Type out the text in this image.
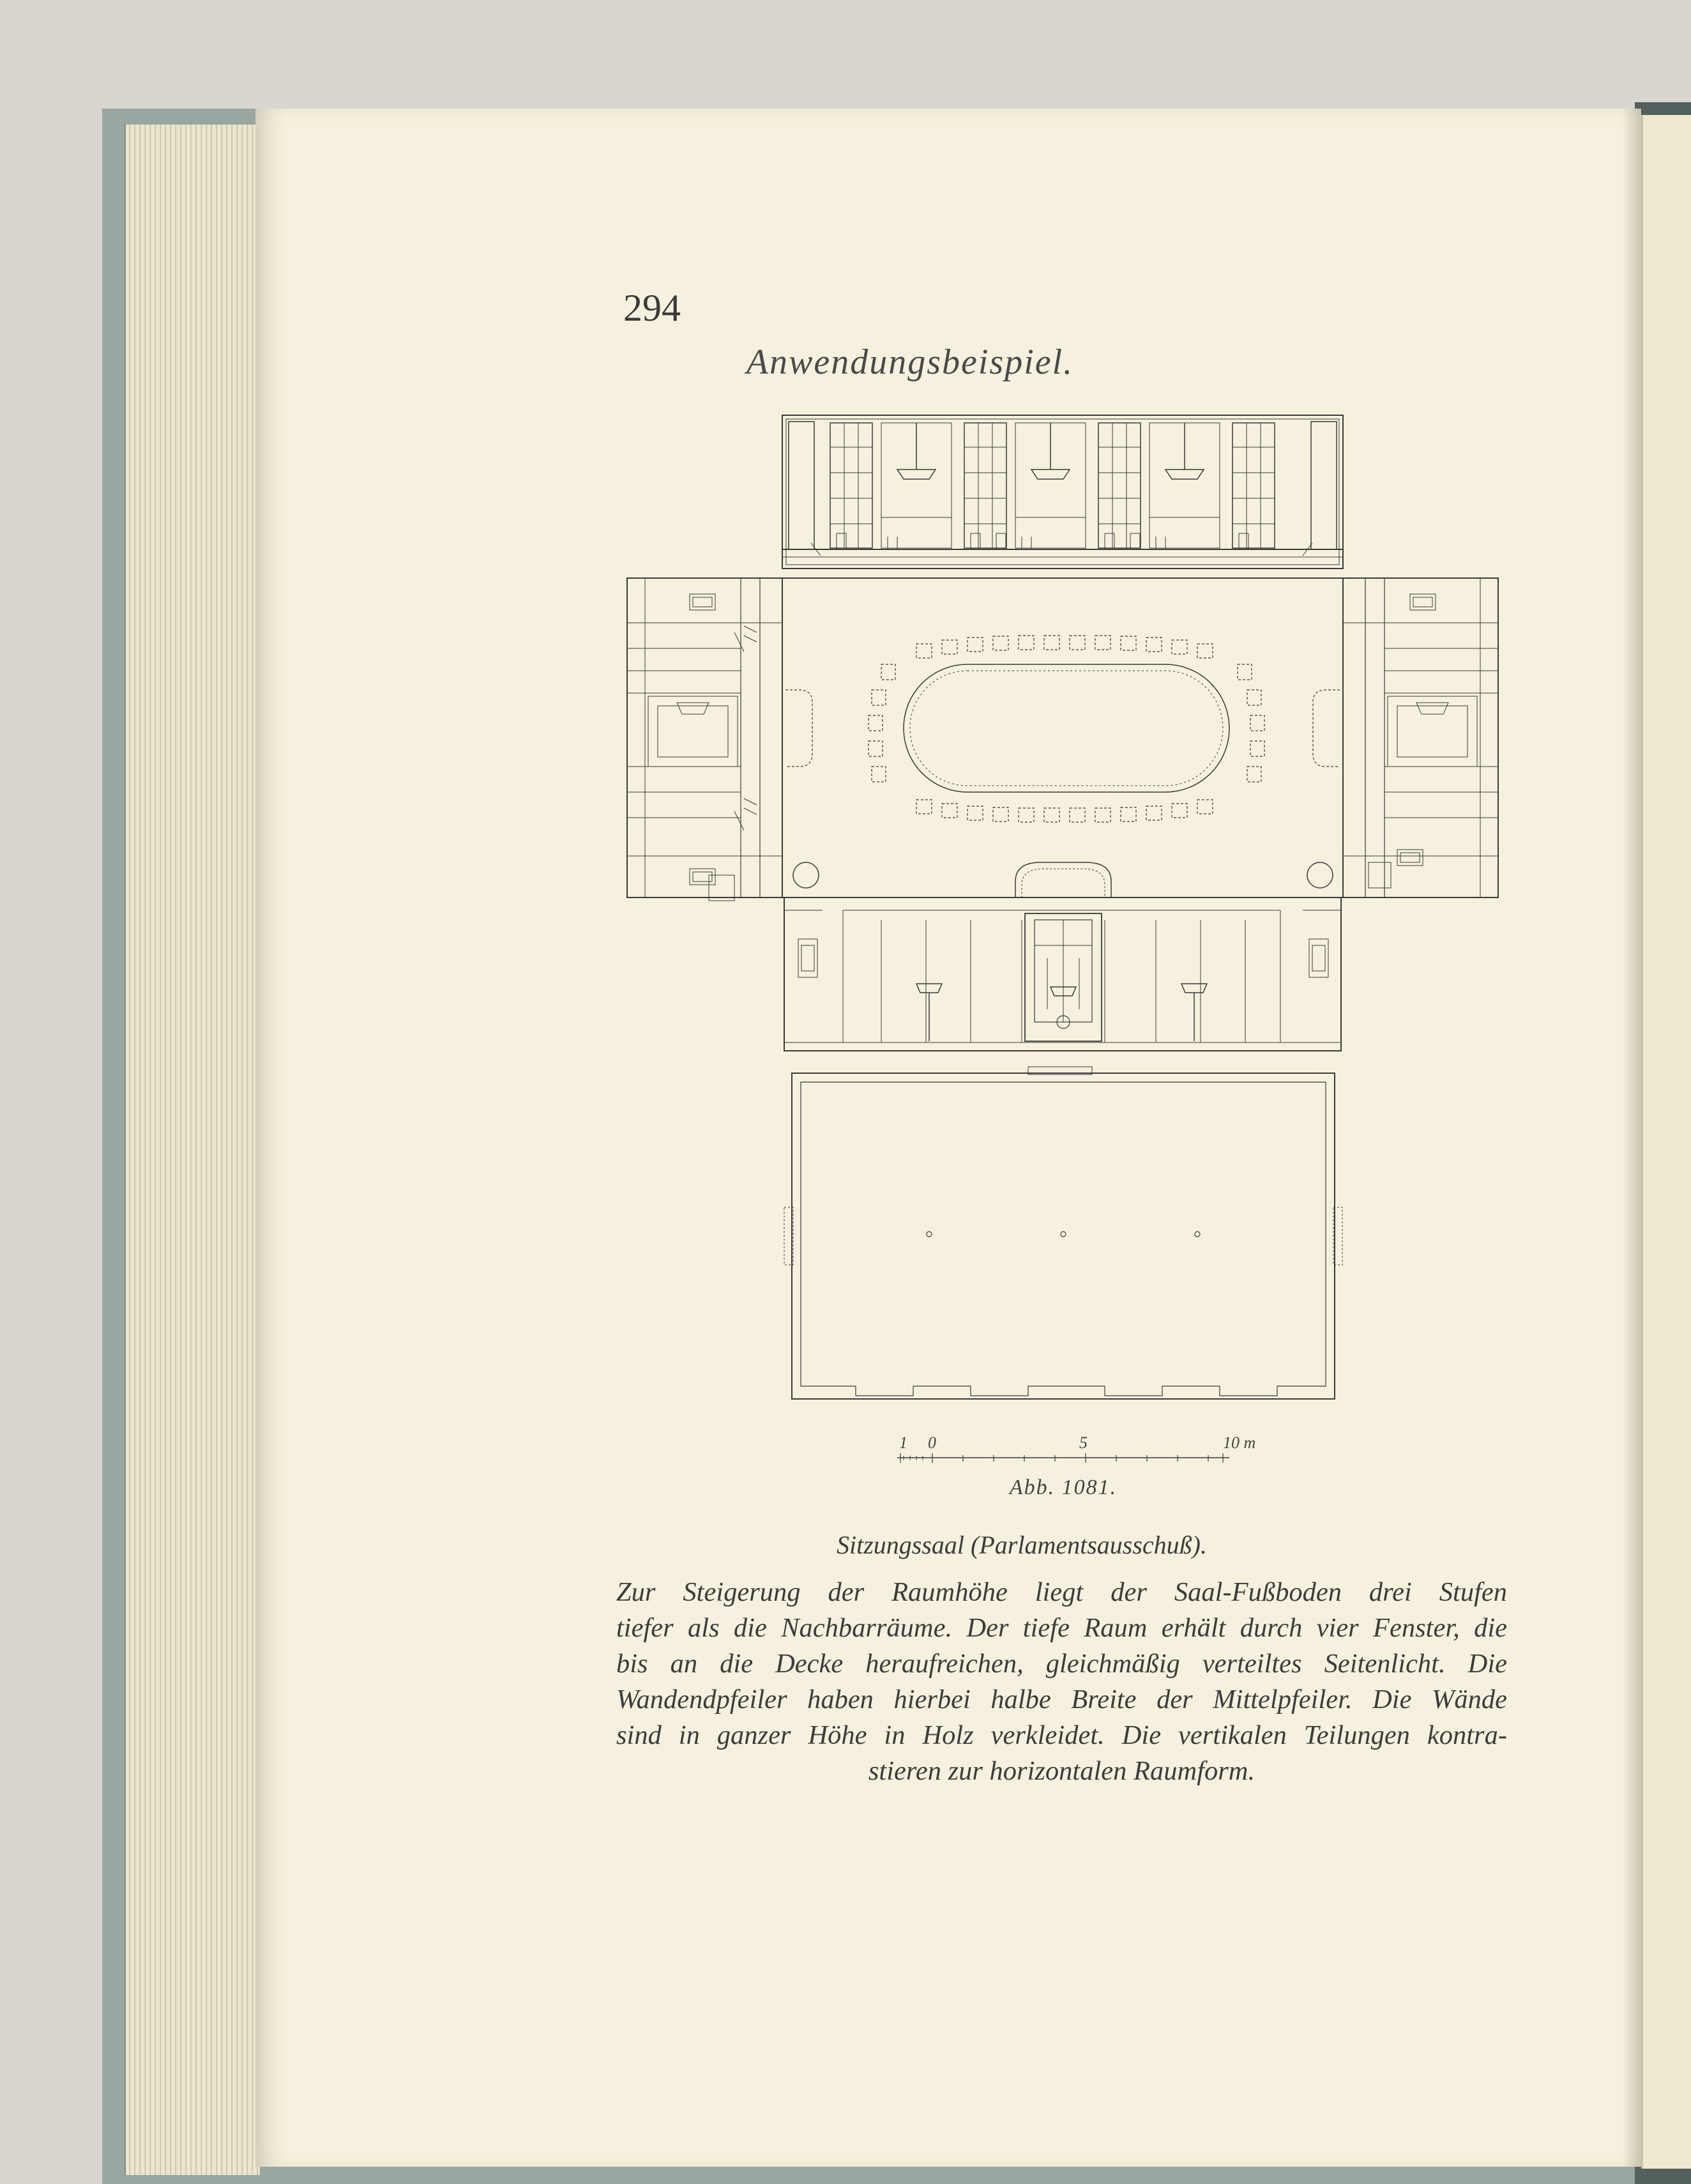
294
Anwendungsbeispiel.
1 0	5	10 m
Abb. 1081.
Sitzungssaal (Parlamentsausschuß).
Zur Steigerung der Raumhöhe liegt der Saal-Fußboden drei Stufen
tiefer als die Nachbarräume. Der tiefe Raum erhält durch vier Fenster, die
bis an die Decke heraufreichen, gleichmäßig verteiltes Seitenlicht. Die
Wandendpfeiler haben hierbei halbe Breite der Mittelpfeiler. Die Wände
sind in ganzer Höhe in Holz verkleidet. Die vertikalen Teilungen kontra-
stieren zur horizontalen Raumform.
